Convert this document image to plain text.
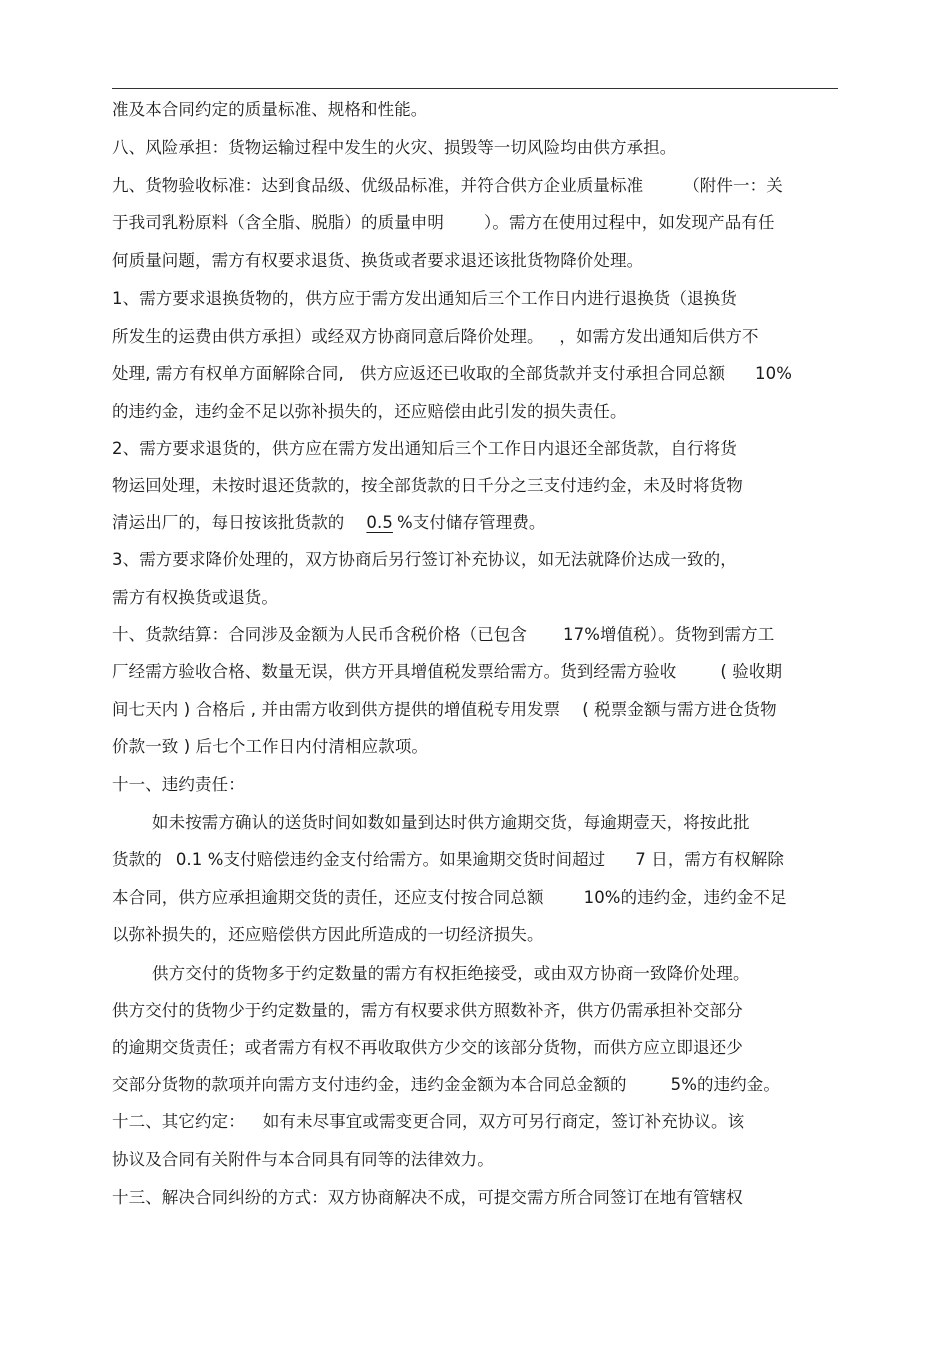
准及本合同约定的质量标准、规格和性能。
八、风险承担：货物运输过程中发生的火灾、损毁等一切风险均由供方承担。
九、货物验收标准：达到食品级、优级品标准，并符合供方企业质量标准 （附件一：关
于我司乳粉原料（含全脂、脱脂）的质量申明 ）。需方在使用过程中，如发现产品有任
何质量问题，需方有权要求退货、换货或者要求退还该批货物降价处理。
1、需方要求退换货物的，供方应于需方发出通知后三个工作日内进行退换货（退换货
所发生的运费由供方承担）或经双方协商同意后降价处理。 ，如需方发出通知后供方不
处理, 需方有权单方面解除合同, 供方应返还已收取的全部货款并支付承担合同总额 10%
的违约金，违约金不足以弥补损失的，还应赔偿由此引发的损失责任。
2、需方要求退货的，供方应在需方发出通知后三个工作日内退还全部货款，自行将货
物运回处理，未按时退还货款的，按全部货款的日千分之三支付违约金，未及时将货物
清运出厂的，每日按该批货款的 0.5 %支付储存管理费。
3、需方要求降价处理的，双方协商后另行签订补充协议，如无法就降价达成一致的，
需方有权换货或退货。
十、货款结算：合同涉及金额为人民币含税价格（已包含 17%增值税）。货物到需方工
厂经需方验收合格、数量无误，供方开具增值税发票给需方。货到经需方验收	( 验收期
间七天内 ) 合格后 , 并由需方收到供方提供的增值税专用发票 ( 税票金额与需方进仓货物
价款一致 ) 后七个工作日内付清相应款项。
十一、违约责任：
如未按需方确认的送货时间如数如量到达时供方逾期交货，每逾期壹天，将按此批
货款的 0.1 %支付赔偿违约金支付给需方。如果逾期交货时间超过 7 日，需方有权解除
本合同，供方应承担逾期交货的责任，还应支付按合同总额 10%的违约金，违约金不足
以弥补损失的，还应赔偿供方因此所造成的一切经济损失。
供方交付的货物多于约定数量的需方有权拒绝接受，或由双方协商一致降价处理。
供方交付的货物少于约定数量的，需方有权要求供方照数补齐，供方仍需承担补交部分
的逾期交货责任；或者需方有权不再收取供方少交的该部分货物，而供方应立即退还少
交部分货物的款项并向需方支付违约金，违约金金额为本合同总金额的	5%的违约金。
十二、其它约定： 如有未尽事宜或需变更合同，双方可另行商定，签订补充协议。该
协议及合同有关附件与本合同具有同等的法律效力。
十三、解决合同纠纷的方式：双方协商解决不成，可提交需方所合同签订在地有管辖权
